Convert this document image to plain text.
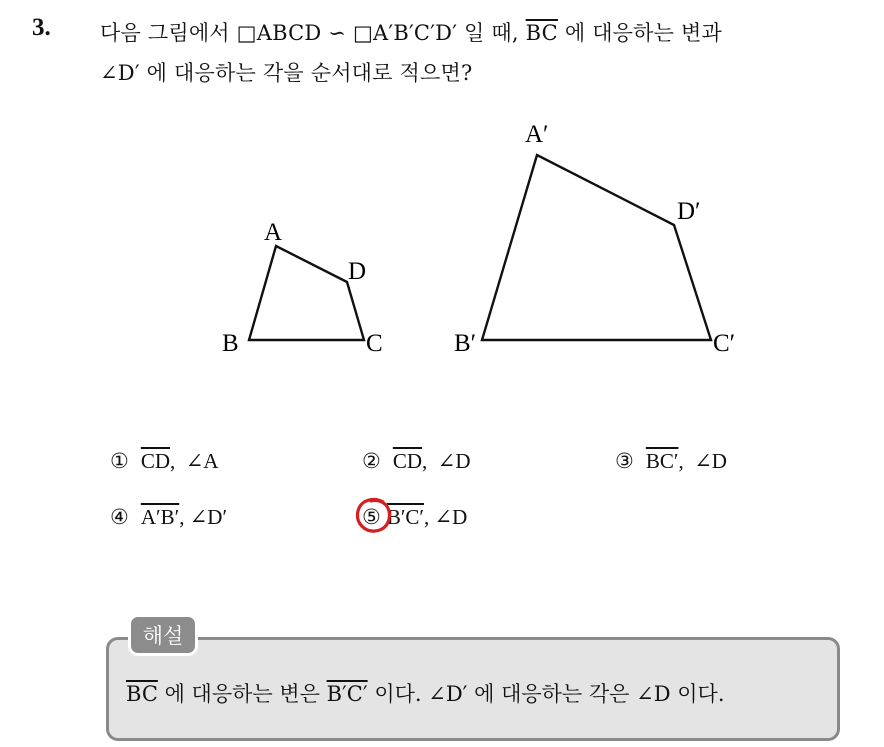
3. 다음 그림에서 □ABCD ∽ □A′B′C′D′ 일 때, $\overline{BC}$ 에 대응하는 변과
∠D′ 에 대응하는 각을 순서대로 적으면?
A
B	C
D
A′
B′	C′
D′
① $\overline{CD}$,  ∠A	② $\overline{CD}$,  ∠D	③ BC′,  ∠D
④ A′B′, ∠D′	⑤ B′C′, ∠D
해설
$\overline{BC}$ 에 대응하는 변은 B′C′ 이다. ∠D′ 에 대응하는 각은 ∠D 이다.
